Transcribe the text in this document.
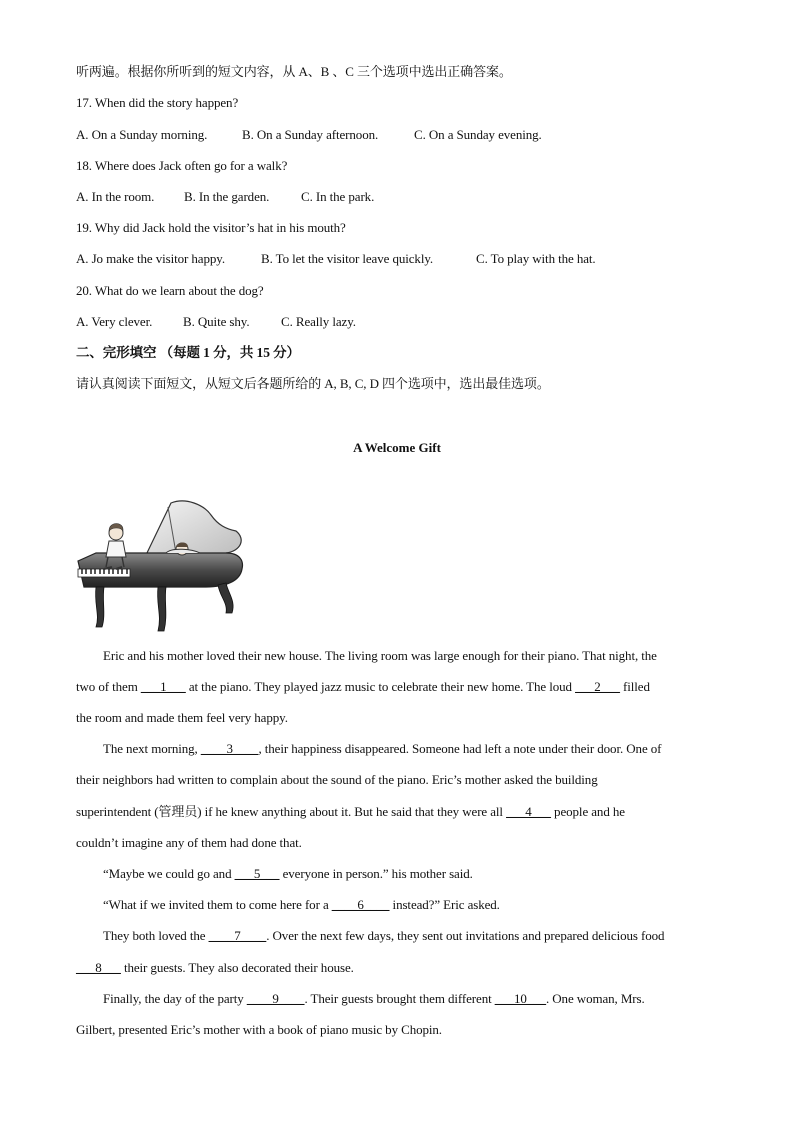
听两遍。根据你所听到的短文内容，从 A、B 、C 三个选项中选出正确答案。
17. When did the story happen?
A. On a Sunday morning.	B. On a Sunday afternoon.	C. On a Sunday evening.
18. Where does Jack often go for a walk?
A. In the room. B. In the garden. C. In the park.
19. Why did Jack hold the visitor’s hat in his mouth?
A. Jo make the visitor happy.	B. To let the visitor leave quickly.	C. To play with the hat.
20. What do we learn about the dog?
A. Very clever. B. Quite shy. C. Really lazy.
二、完形填空 （每题 1 分，共 15 分）
请认真阅读下面短文，从短文后各题所给的 A, B, C, D 四个选项中，选出最佳选项。
A Welcome Gift
Eric and his mother loved their new house. The living room was large enough for their piano. That night, the
two of them ___1___ at the piano. They played jazz music to celebrate their new home. The loud ___2___ filled
the room and made them feel very happy.
The next morning, ____3____, their happiness disappeared. Someone had left a note under their door. One of
their neighbors had written to complain about the sound of the piano. Eric’s mother asked the building
superintendent (管理员) if he knew anything about it. But he said that they were all ___4___ people and he
couldn’t imagine any of them had done that.
“Maybe we could go and ___5___ everyone in person.” his mother said.
“What if we invited them to come here for a ____6____ instead?” Eric asked.
They both loved the ____7____. Over the next few days, they sent out invitations and prepared delicious food
___8___ their guests. They also decorated their house.
Finally, the day of the party ____9____. Their guests brought them different ___10___. One woman, Mrs.
Gilbert, presented Eric’s mother with a book of piano music by Chopin.
